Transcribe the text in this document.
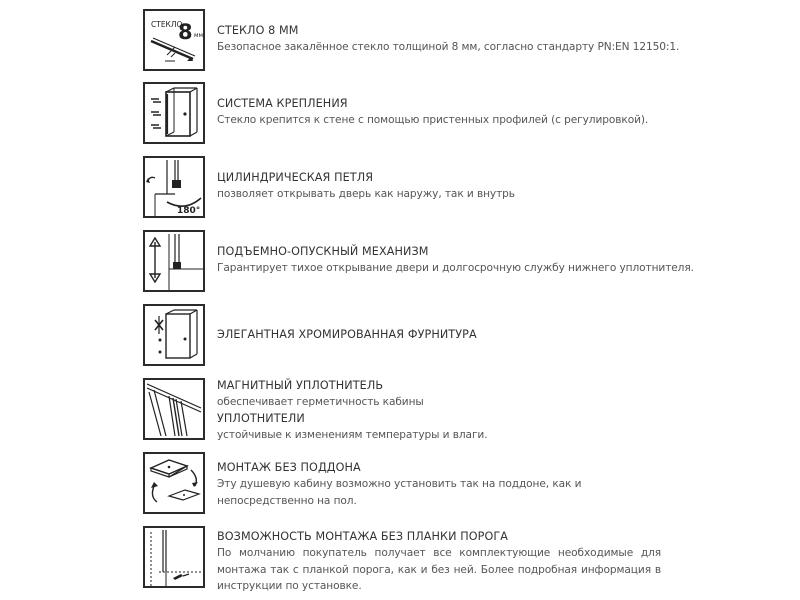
СТЕКЛО
8 мм СТЕКЛО 8 ММ
Безопасное закалённое стекло толщиной 8 мм, согласно стандарту PN:EN 12150:1.
СИСТЕМА КРЕПЛЕНИЯ
Стекло крепится к стене с помощью пристенных профилей (с регулировкой).
180°
ЦИЛИНДРИЧЕСКАЯ ПЕТЛЯ
позволяет открывать дверь как наружу, так и внутрь
ПОДЪЕМНО-ОПУСКНЫЙ МЕХАНИЗМ
Гарантирует тихое открывание двери и долгосрочную службу нижнего уплотнителя.
ЭЛЕГАНТНАЯ ХРОМИРОВАННАЯ ФУРНИТУРА
МАГНИТНЫЙ УПЛОТНИТЕЛЬ
обеспечивает герметичность кабины
УПЛОТНИТЕЛИ
устойчивые к изменениям температуры и влаги.
МОНТАЖ БЕЗ ПОДДОНА
Эту душевую кабину возможно установить так на поддоне, как и непосредственно на пол.
ВОЗМОЖНОСТЬ МОНТАЖА БЕЗ ПЛАНКИ ПОРОГА
По молчанию покупатель получает все комплектующие необходимые для монтажа так с планкой порога, как и без ней. Более подробная информация в инструкции по установке.
